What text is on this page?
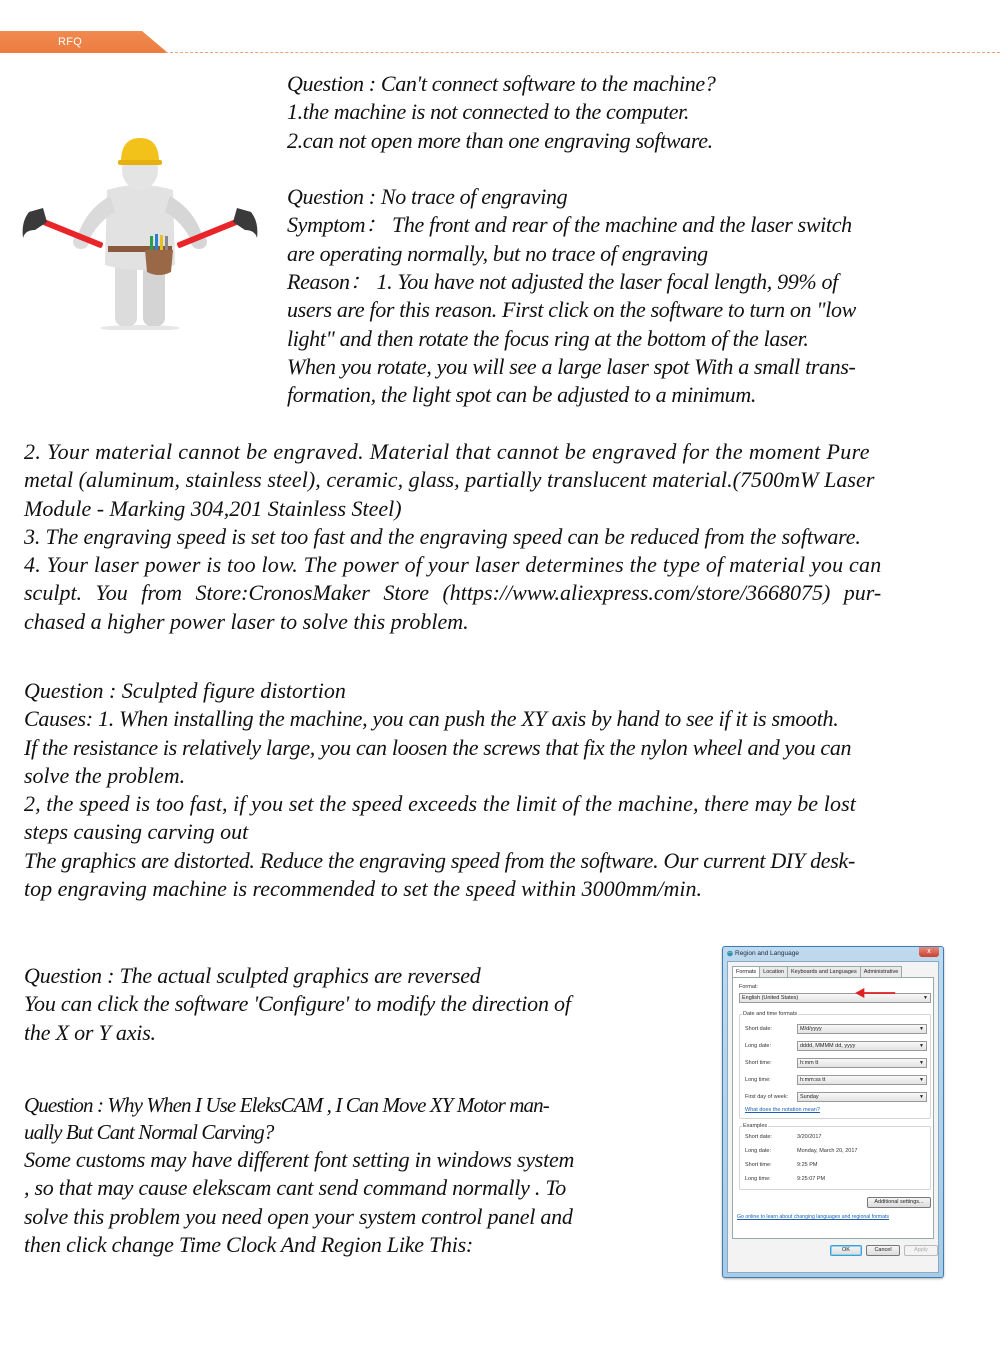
RFQ

Question : Can't connect software to the machine?

1.the machine is not connected to the computer.

2.can not open more than one engraving software.

Question : No trace of engraving

Symptom： The front and rear of the machine and the laser switch

are operating normally, but no trace of engraving

Reason： 1. You have not adjusted the laser focal length, 99% of

users are for this reason. First click on the software to turn on "low

light" and then rotate the focus ring at the bottom of the laser.

When you rotate, you will see a large laser spot With a small trans-

formation, the light spot can be adjusted to a minimum.

2. Your material cannot be engraved. Material that cannot be engraved for the moment Pure

metal (aluminum, stainless steel), ceramic, glass, partially translucent material.(7500mW Laser

Module - Marking 304,201 Stainless Steel)

3. The engraving speed is set too fast and the engraving speed can be reduced from the software.

4. Your laser power is too low. The power of your laser determines the type of material you can

sculpt. You from Store:CronosMaker Store (https://www.aliexpress.com/store/3668075) pur-

chased a higher power laser to solve this problem.

Question : Sculpted figure distortion

Causes: 1. When installing the machine, you can push the XY axis by hand to see if it is smooth.

If the resistance is relatively large, you can loosen the screws that fix the nylon wheel and you can

solve the problem.

2, the speed is too fast, if you set the speed exceeds the limit of the machine, there may be lost

steps causing carving out

The graphics are distorted. Reduce the engraving speed from the software. Our current DIY desk-

top engraving machine is recommended to set the speed within 3000mm/min.

Question : The actual sculpted graphics are reversed

You can click the software 'Configure' to modify the direction of

the X or Y axis.

Question : Why When I Use EleksCAM , I Can Move XY Motor man-

ually But Cant Normal Carving?

Some customs may have different font setting in windows system

, so that may cause elekscam cant send command normally . To

solve this problem you need open your system control panel and

then click change Time Clock And Region Like This:

Region and Language	x
Formats	Location	Keyboards and Languages	Administrative
Format:
English (United States)	▼
Date and time formats
Short date:	M/d/yyyy	▼
Long date:	dddd, MMMM dd, yyyy	▼
Short time:	h:mm tt	▼
Long time:	h:mm:ss tt	▼
First day of week:	Sunday	▼
What does the notation mean?
Examples
Short date:	3/20/2017
Long date:	Monday, March 20, 2017
Short time:	9:25 PM
Long time:	9:25:07 PM
Additional settings...
Go online to learn about changing languages and regional formats
OK	Cancel	Apply
